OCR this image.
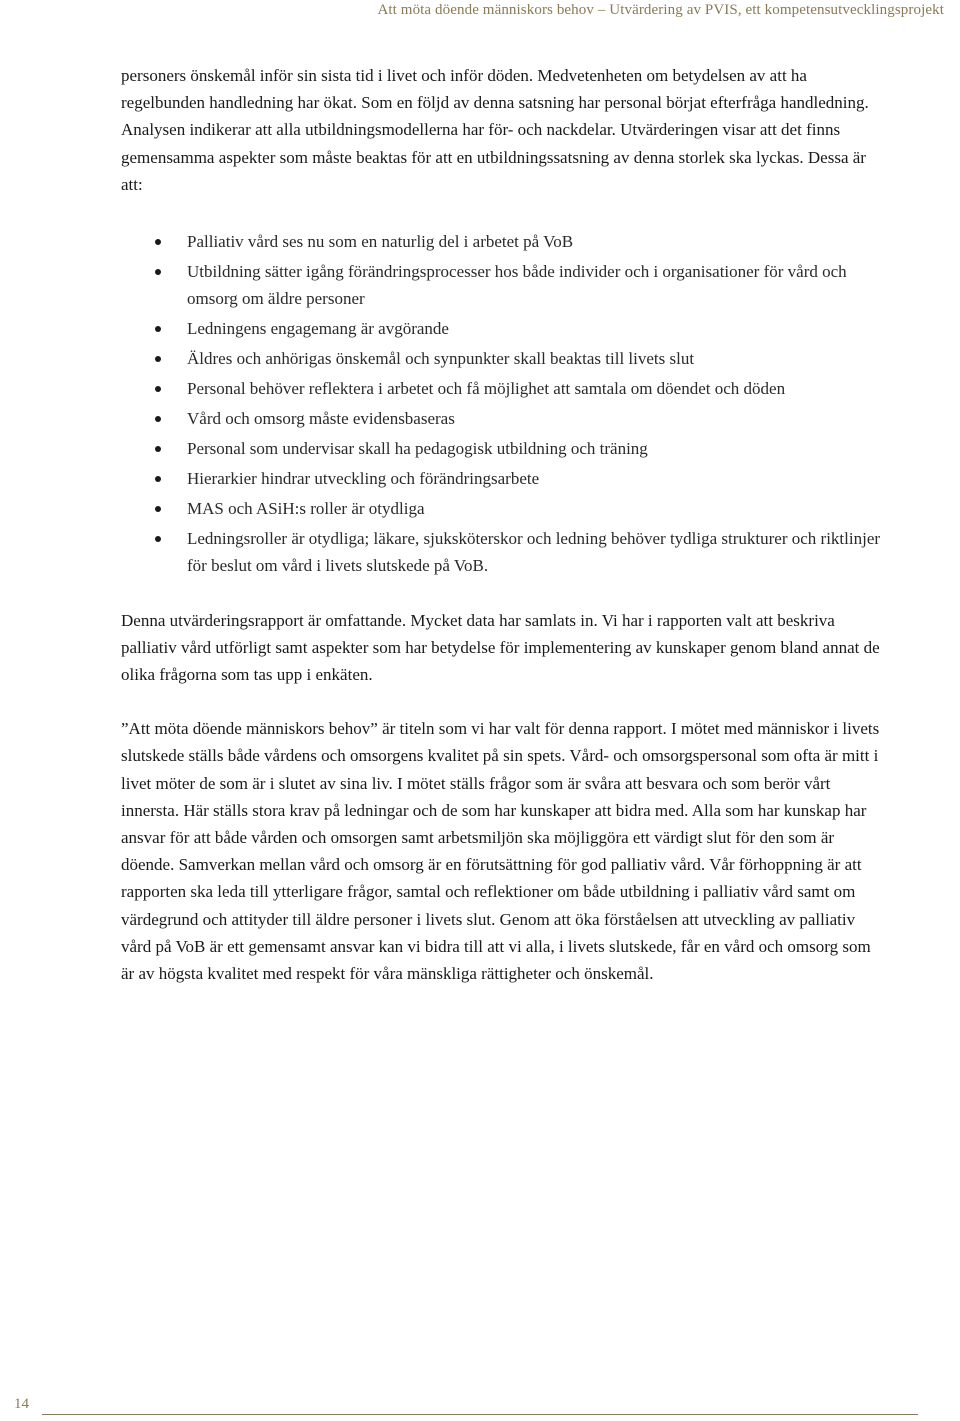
Att möta döende människors behov – Utvärdering av PVIS, ett kompetensutvecklingsprojekt

personers önskemål inför sin sista tid i livet och inför döden. Medvetenheten om betydelsen av att ha regelbunden handledning har ökat. Som en följd av denna satsning har personal börjat efterfråga handledning. Analysen indikerar att alla utbildningsmodellerna har för- och nackdelar. Utvärderingen visar att det finns gemensamma aspekter som måste beaktas för att en utbildningssatsning av denna storlek ska lyckas. Dessa är att:

Palliativ vård ses nu som en naturlig del i arbetet på VoB
Utbildning sätter igång förändringsprocesser hos både individer och i organisationer för vård och omsorg om äldre personer
Ledningens engagemang är avgörande
Äldres och anhörigas önskemål och synpunkter skall beaktas till livets slut
Personal behöver reflektera i arbetet och få möjlighet att samtala om döendet och döden
Vård och omsorg måste evidensbaseras
Personal som undervisar skall ha pedagogisk utbildning och träning
Hierarkier hindrar utveckling och förändringsarbete
MAS och ASiH:s roller är otydliga
Ledningsroller är otydliga; läkare, sjuksköterskor och ledning behöver tydliga strukturer och riktlinjer för beslut om vård i livets slutskede på VoB.

Denna utvärderingsrapport är omfattande. Mycket data har samlats in. Vi har i rapporten valt att beskriva palliativ vård utförligt samt aspekter som har betydelse för implementering av kunskaper genom bland annat de olika frågorna som tas upp i enkäten.

”Att möta döende människors behov” är titeln som vi har valt för denna rapport. I mötet med människor i livets slutskede ställs både vårdens och omsorgens kvalitet på sin spets. Vård- och omsorgspersonal som ofta är mitt i livet möter de som är i slutet av sina liv. I mötet ställs frågor som är svåra att besvara och som berör vårt innersta. Här ställs stora krav på ledningar och de som har kunskaper att bidra med. Alla som har kunskap har ansvar för att både vården och omsorgen samt arbetsmiljön ska möjliggöra ett värdigt slut för den som är döende. Samverkan mellan vård och omsorg är en förutsättning för god palliativ vård. Vår förhoppning är att rapporten ska leda till ytterligare frågor, samtal och reflektioner om både utbildning i palliativ vård samt om värdegrund och attityder till äldre personer i livets slut. Genom att öka förståelsen att utveckling av palliativ vård på VoB är ett gemensamt ansvar kan vi bidra till att vi alla, i livets slutskede, får en vård och omsorg som är av högsta kvalitet med respekt för våra mänskliga rättigheter och önskemål.

14
